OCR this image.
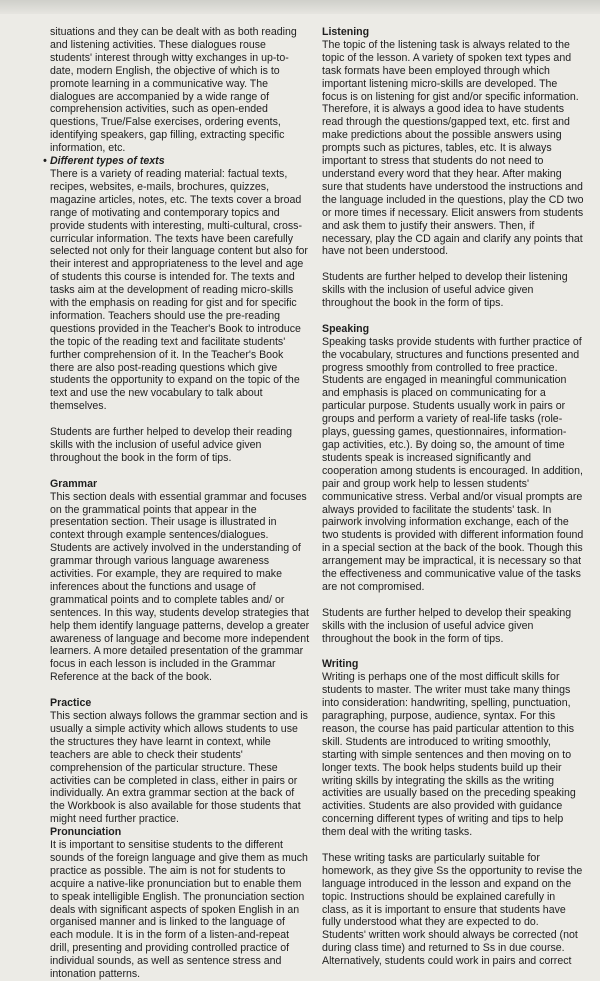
situations and they can be dealt with as both reading and listening activities. These dialogues rouse students' interest through witty exchanges in up-to-date, modern English, the objective of which is to promote learning in a communicative way. The dialogues are accompanied by a wide range of comprehension activities, such as open-ended questions, True/False exercises, ordering events, identifying speakers, gap filling, extracting specific information, etc.

• Different types of texts

There is a variety of reading material: factual texts, recipes, websites, e-mails, brochures, quizzes, magazine articles, notes, etc. The texts cover a broad range of motivating and contemporary topics and provide students with interesting, multi-cultural, cross-curricular information. The texts have been carefully selected not only for their language content but also for their interest and appropriateness to the level and age of students this course is intended for. The texts and tasks aim at the development of reading micro-skills with the emphasis on reading for gist and for specific information. Teachers should use the pre-reading questions provided in the Teacher's Book to introduce the topic of the reading text and facilitate students' further comprehension of it. In the Teacher's Book there are also post-reading questions which give students the opportunity to expand on the topic of the text and use the new vocabulary to talk about themselves.

Students are further helped to develop their reading skills with the inclusion of useful advice given throughout the book in the form of tips.

Grammar

This section deals with essential grammar and focuses on the grammatical points that appear in the presentation section. Their usage is illustrated in context through example sentences/dialogues. Students are actively involved in the understanding of grammar through various language awareness activities. For example, they are required to make inferences about the functions and usage of grammatical points and to complete tables and/ or sentences. In this way, students develop strategies that help them identify language patterns, develop a greater awareness of language and become more independent learners. A more detailed presentation of the grammar focus in each lesson is included in the Grammar Reference at the back of the book.

Practice

This section always follows the grammar section and is usually a simple activity which allows students to use the structures they have learnt in context, while teachers are able to check their students' comprehension of the particular structure. These activities can be completed in class, either in pairs or individually. An extra grammar section at the back of the Workbook is also available for those students that might need further practice.

Pronunciation

It is important to sensitise students to the different sounds of the foreign language and give them as much practice as possible. The aim is not for students to acquire a native-like pronunciation but to enable them to speak intelligible English. The pronunciation section deals with significant aspects of spoken English in an organised manner and is linked to the language of each module. It is in the form of a listen-and-repeat drill, presenting and providing controlled practice of individual sounds, as well as sentence stress and intonation patterns.

Listening

The topic of the listening task is always related to the topic of the lesson. A variety of spoken text types and task formats have been employed through which important listening micro-skills are developed. The focus is on listening for gist and/or specific information. Therefore, it is always a good idea to have students read through the questions/gapped text, etc. first and make predictions about the possible answers using prompts such as pictures, tables, etc. It is always important to stress that students do not need to understand every word that they hear. After making sure that students have understood the instructions and the language included in the questions, play the CD two or more times if necessary. Elicit answers from students and ask them to justify their answers. Then, if necessary, play the CD again and clarify any points that have not been understood.

Students are further helped to develop their listening skills with the inclusion of useful advice given throughout the book in the form of tips.

Speaking

Speaking tasks provide students with further practice of the vocabulary, structures and functions presented and progress smoothly from controlled to free practice. Students are engaged in meaningful communication and emphasis is placed on communicating for a particular purpose. Students usually work in pairs or groups and perform a variety of real-life tasks (role-plays, guessing games, questionnaires, information-gap activities, etc.). By doing so, the amount of time students speak is increased significantly and cooperation among students is encouraged. In addition, pair and group work help to lessen students' communicative stress. Verbal and/or visual prompts are always provided to facilitate the students' task. In pairwork involving information exchange, each of the two students is provided with different information found in a special section at the back of the book. Though this arrangement may be impractical, it is necessary so that the effectiveness and communicative value of the tasks are not compromised.

Students are further helped to develop their speaking skills with the inclusion of useful advice given throughout the book in the form of tips.

Writing

Writing is perhaps one of the most difficult skills for students to master. The writer must take many things into consideration: handwriting, spelling, punctuation, paragraphing, purpose, audience, syntax. For this reason, the course has paid particular attention to this skill. Students are introduced to writing smoothly, starting with simple sentences and then moving on to longer texts. The book helps students build up their writing skills by integrating the skills as the writing activities are usually based on the preceding speaking activities. Students are also provided with guidance concerning different types of writing and tips to help them deal with the writing tasks.

These writing tasks are particularly suitable for homework, as they give Ss the opportunity to revise the language introduced in the lesson and expand on the topic. Instructions should be explained carefully in class, as it is important to ensure that students have fully understood what they are expected to do. Students' written work should always be corrected (not during class time) and returned to Ss in due course. Alternatively, students could work in pairs and correct
